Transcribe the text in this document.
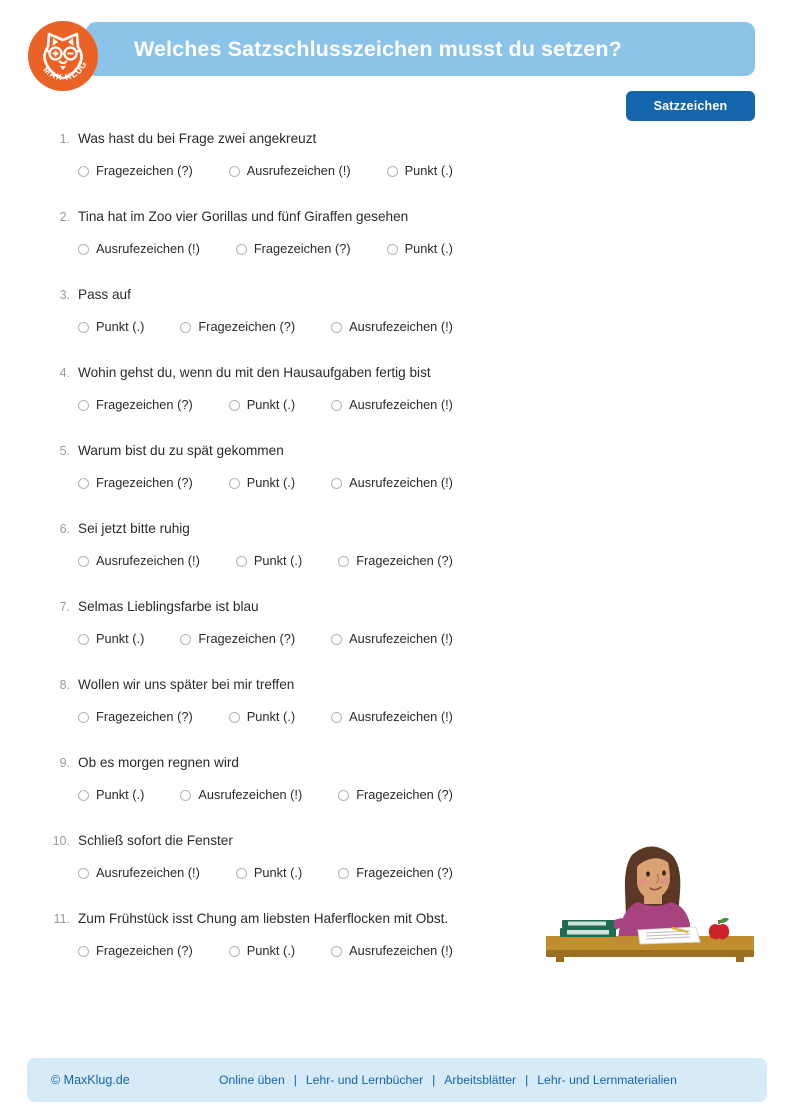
Welches Satzschlusszeichen musst du setzen?
Satzzeichen
MAX KLUG
1. Was hast du bei Frage zwei angekreuzt
Fragezeichen (?)	Ausrufezeichen (!)	Punkt (.)
2. Tina hat im Zoo vier Gorillas und fünf Giraffen gesehen
Ausrufezeichen (!)	Fragezeichen (?)	Punkt (.)
3. Pass auf
Punkt (.)	Fragezeichen (?)	Ausrufezeichen (!)
4. Wohin gehst du, wenn du mit den Hausaufgaben fertig bist
Fragezeichen (?)	Punkt (.)	Ausrufezeichen (!)
5. Warum bist du zu spät gekommen
Fragezeichen (?)	Punkt (.)	Ausrufezeichen (!)
6. Sei jetzt bitte ruhig
Ausrufezeichen (!)	Punkt (.)	Fragezeichen (?)
7. Selmas Lieblingsfarbe ist blau
Punkt (.)	Fragezeichen (?)	Ausrufezeichen (!)
8. Wollen wir uns später bei mir treffen
Fragezeichen (?)	Punkt (.)	Ausrufezeichen (!)
9. Ob es morgen regnen wird
Punkt (.)	Ausrufezeichen (!)	Fragezeichen (?)
10. Schließ sofort die Fenster
Ausrufezeichen (!)	Punkt (.)	Fragezeichen (?)
11. Zum Frühstück isst Chung am liebsten Haferflocken mit Obst.
Fragezeichen (?)	Punkt (.)	Ausrufezeichen (!)
© MaxKlug.de	Online üben | Lehr- und Lernbücher | Arbeitsblätter | Lehr- und Lernmaterialien
